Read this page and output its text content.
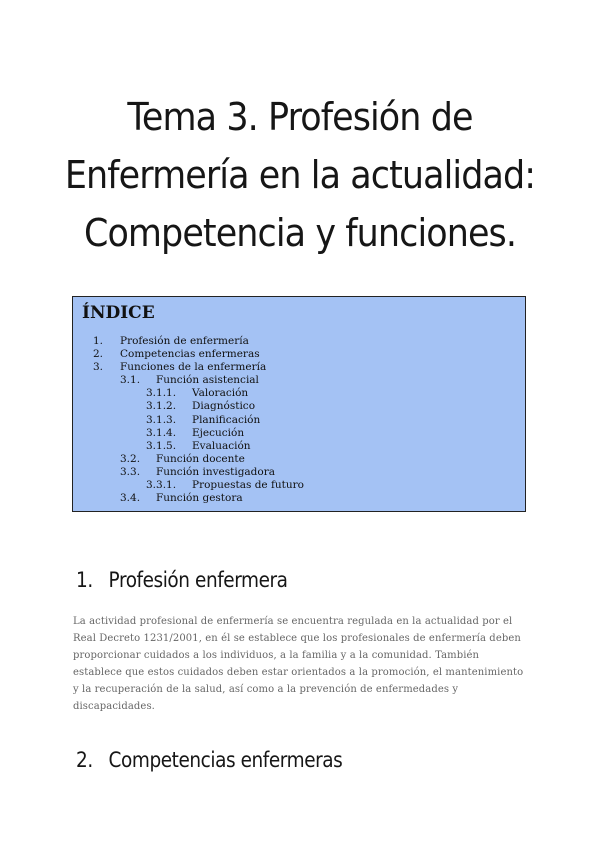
Tema 3. Profesión de
Enfermería en la actualidad:
Competencia y funciones.
ÍNDICE
1.	Profesión de enfermería
2.	Competencias enfermeras
3.	Funciones de la enfermería
3.1.	Función asistencial
3.1.1.	Valoración
3.1.2.	Diagnóstico
3.1.3.	Planificación
3.1.4.	Ejecución
3.1.5.	Evaluación
3.2.	Función docente
3.3.	Función investigadora
3.3.1.	Propuestas de futuro
3.4.	Función gestora
1. Profesión enfermera

La actividad profesional de enfermería se encuentra regulada en la actualidad por el Real Decreto 1231/2001, en él se establece que los profesionales de enfermería deben proporcionar cuidados a los individuos, a la familia y a la comunidad. También establece que estos cuidados deben estar orientados a la promoción, el mantenimiento y la recuperación de la salud, así como a la prevención de enfermedades y discapacidades.

2. Competencias enfermeras
